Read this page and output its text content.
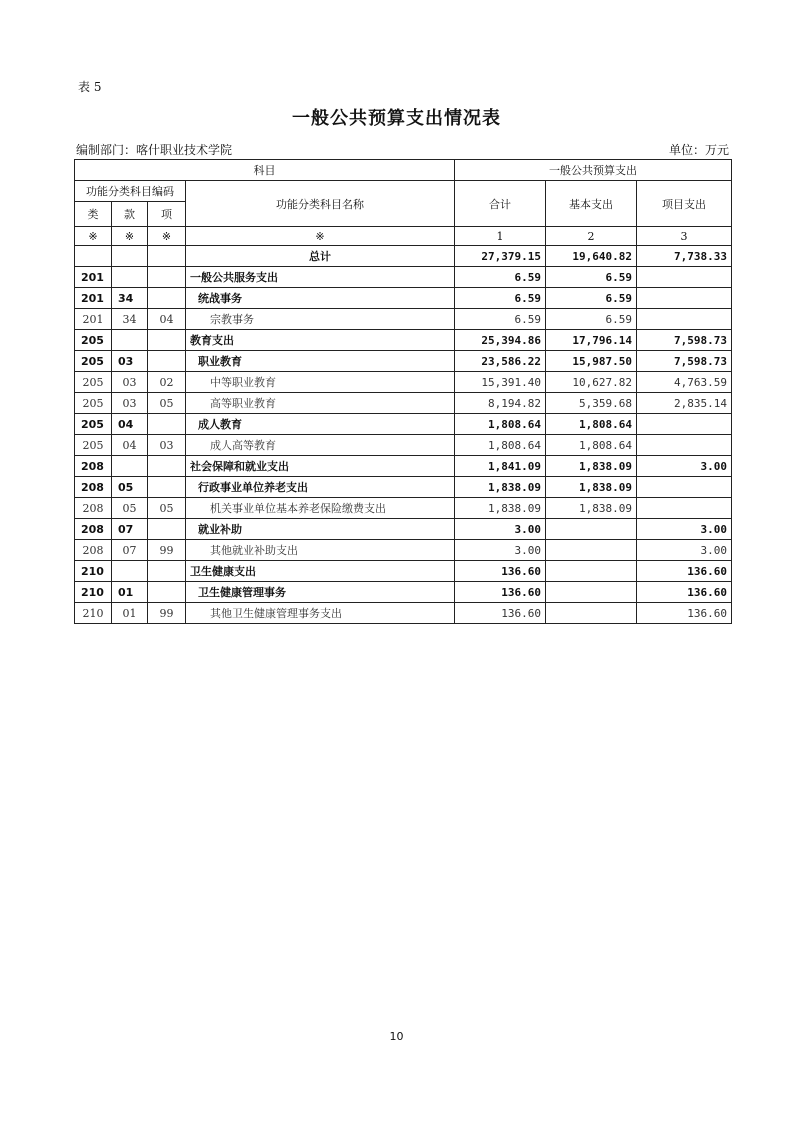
表 5
一般公共预算支出情况表
编制部门：喀什职业技术学院	单位：万元
科目				一般公共预算支出		
功能分类科目编码			功能分类科目名称	合计	基本支出	项目支出
类	款	项				
※	※	※	※	1	2	3
			总计	27,379.15	19,640.82	7,738.33
201			一般公共服务支出	6.59	6.59	
201	34		统战事务	6.59	6.59	
201	34	04	宗教事务	6.59	6.59	
205			教育支出	25,394.86	17,796.14	7,598.73
205	03		职业教育	23,586.22	15,987.50	7,598.73
205	03	02	中等职业教育	15,391.40	10,627.82	4,763.59
205	03	05	高等职业教育	8,194.82	5,359.68	2,835.14
205	04		成人教育	1,808.64	1,808.64	
205	04	03	成人高等教育	1,808.64	1,808.64	
208			社会保障和就业支出	1,841.09	1,838.09	3.00
208	05		行政事业单位养老支出	1,838.09	1,838.09	
208	05	05	机关事业单位基本养老保险缴费支出	1,838.09	1,838.09	
208	07		就业补助	3.00		3.00
208	07	99	其他就业补助支出	3.00		3.00
210			卫生健康支出	136.60		136.60
210	01		卫生健康管理事务	136.60		136.60
210	01	99	其他卫生健康管理事务支出	136.60		136.60
10
